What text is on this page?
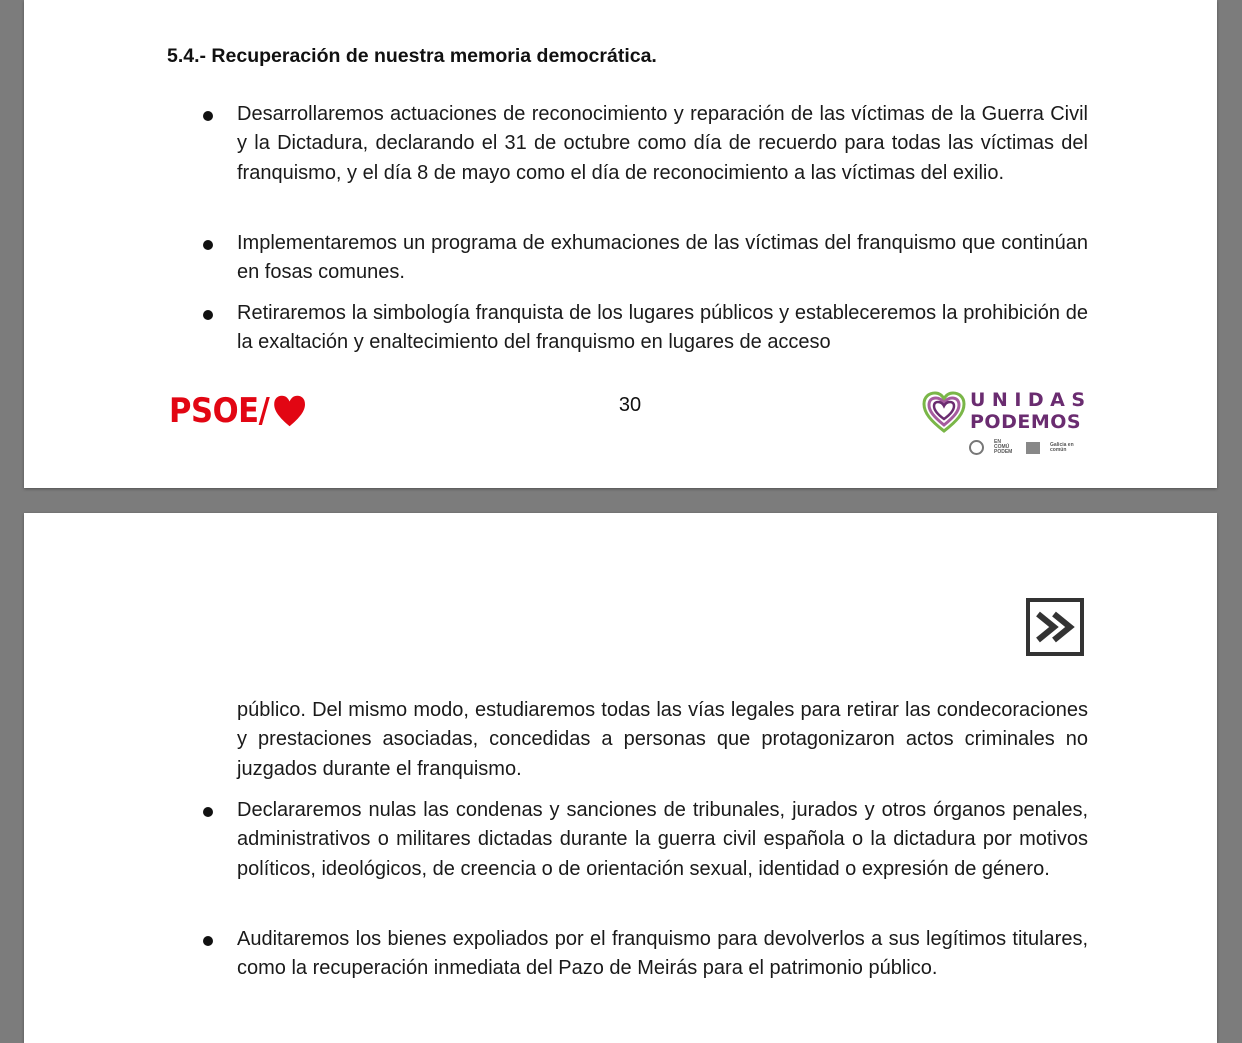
5.4.- Recuperación de nuestra memoria democrática.
Desarrollaremos actuaciones de reconocimiento y reparación de las víctimas de la Guerra Civil y la Dictadura, declarando el 31 de octubre como día de recuerdo para todas las víctimas del franquismo, y el día 8 de mayo como el día de reconocimiento a las víctimas del exilio.
Implementaremos un programa de exhumaciones de las víctimas del franquismo que continúan en fosas comunes.
Retiraremos la simbología franquista de los lugares públicos y estableceremos la prohibición de la exaltación y enaltecimiento del franquismo en lugares de acceso
PSOE/	30	UNIDAS
PODEMOS
EN COMÚ PODEM
Galicia en común
público. Del mismo modo, estudiaremos todas las vías legales para retirar las condecoraciones y prestaciones asociadas, concedidas a personas que protagonizaron actos criminales no juzgados durante el franquismo.
Declararemos nulas las condenas y sanciones de tribunales, jurados y otros órganos penales, administrativos o militares dictadas durante la guerra civil española o la dictadura por motivos políticos, ideológicos, de creencia o de orientación sexual, identidad o expresión de género.
Auditaremos los bienes expoliados por el franquismo para devolverlos a sus legítimos titulares, como la recuperación inmediata del Pazo de Meirás para el patrimonio público.
